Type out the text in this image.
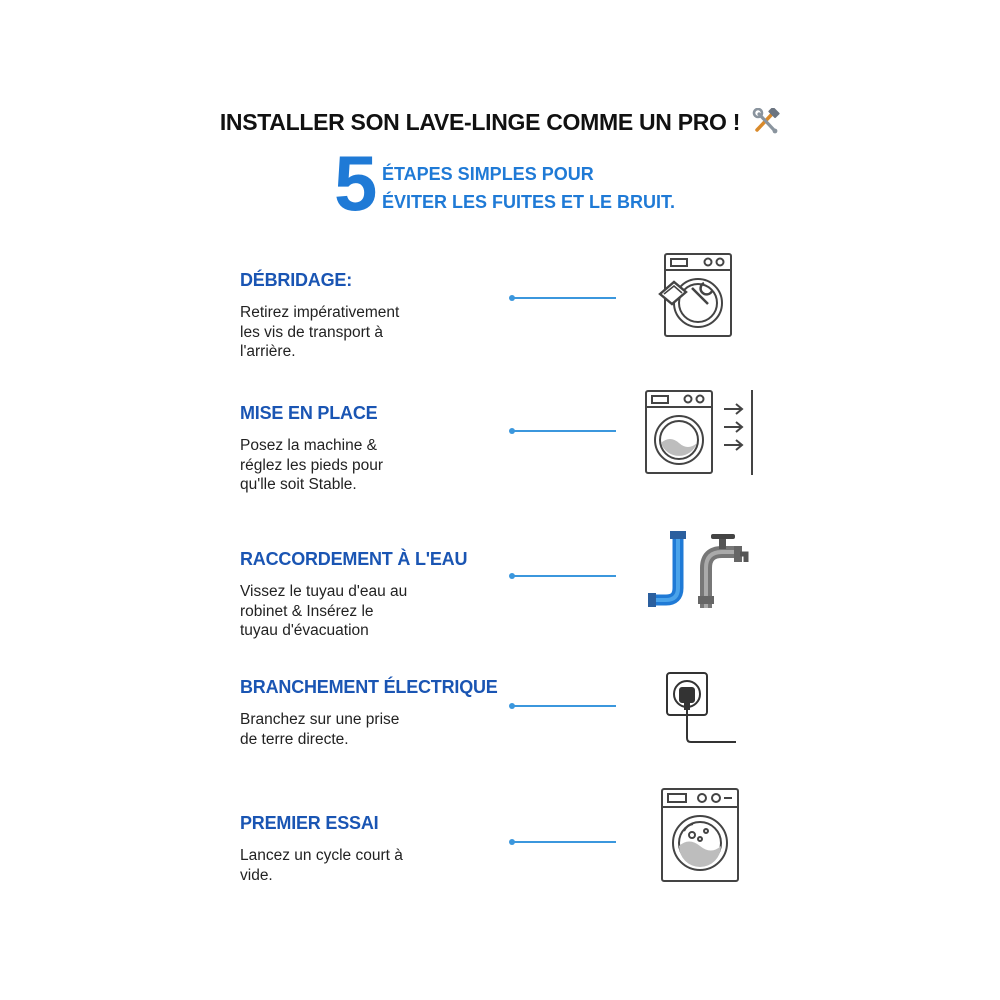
INSTALLER SON LAVE-LINGE COMME UN PRO !
5 ÉTAPES SIMPLES POUR
ÉVITER LES FUITES ET LE BRUIT.
DÉBRIDAGE:

Retirez impérativement
les vis de transport à
l'arrière.

MISE EN PLACE

Posez la machine &
réglez les pieds pour
qu'lle soit Stable.

RACCORDEMENT À L'EAU

Vissez le tuyau d'eau au
robinet & Insérez le
tuyau d'évacuation

BRANCHEMENT ÉLECTRIQUE

Branchez sur une prise
de terre directe.

PREMIER ESSAI

Lancez un cycle court à
vide.
